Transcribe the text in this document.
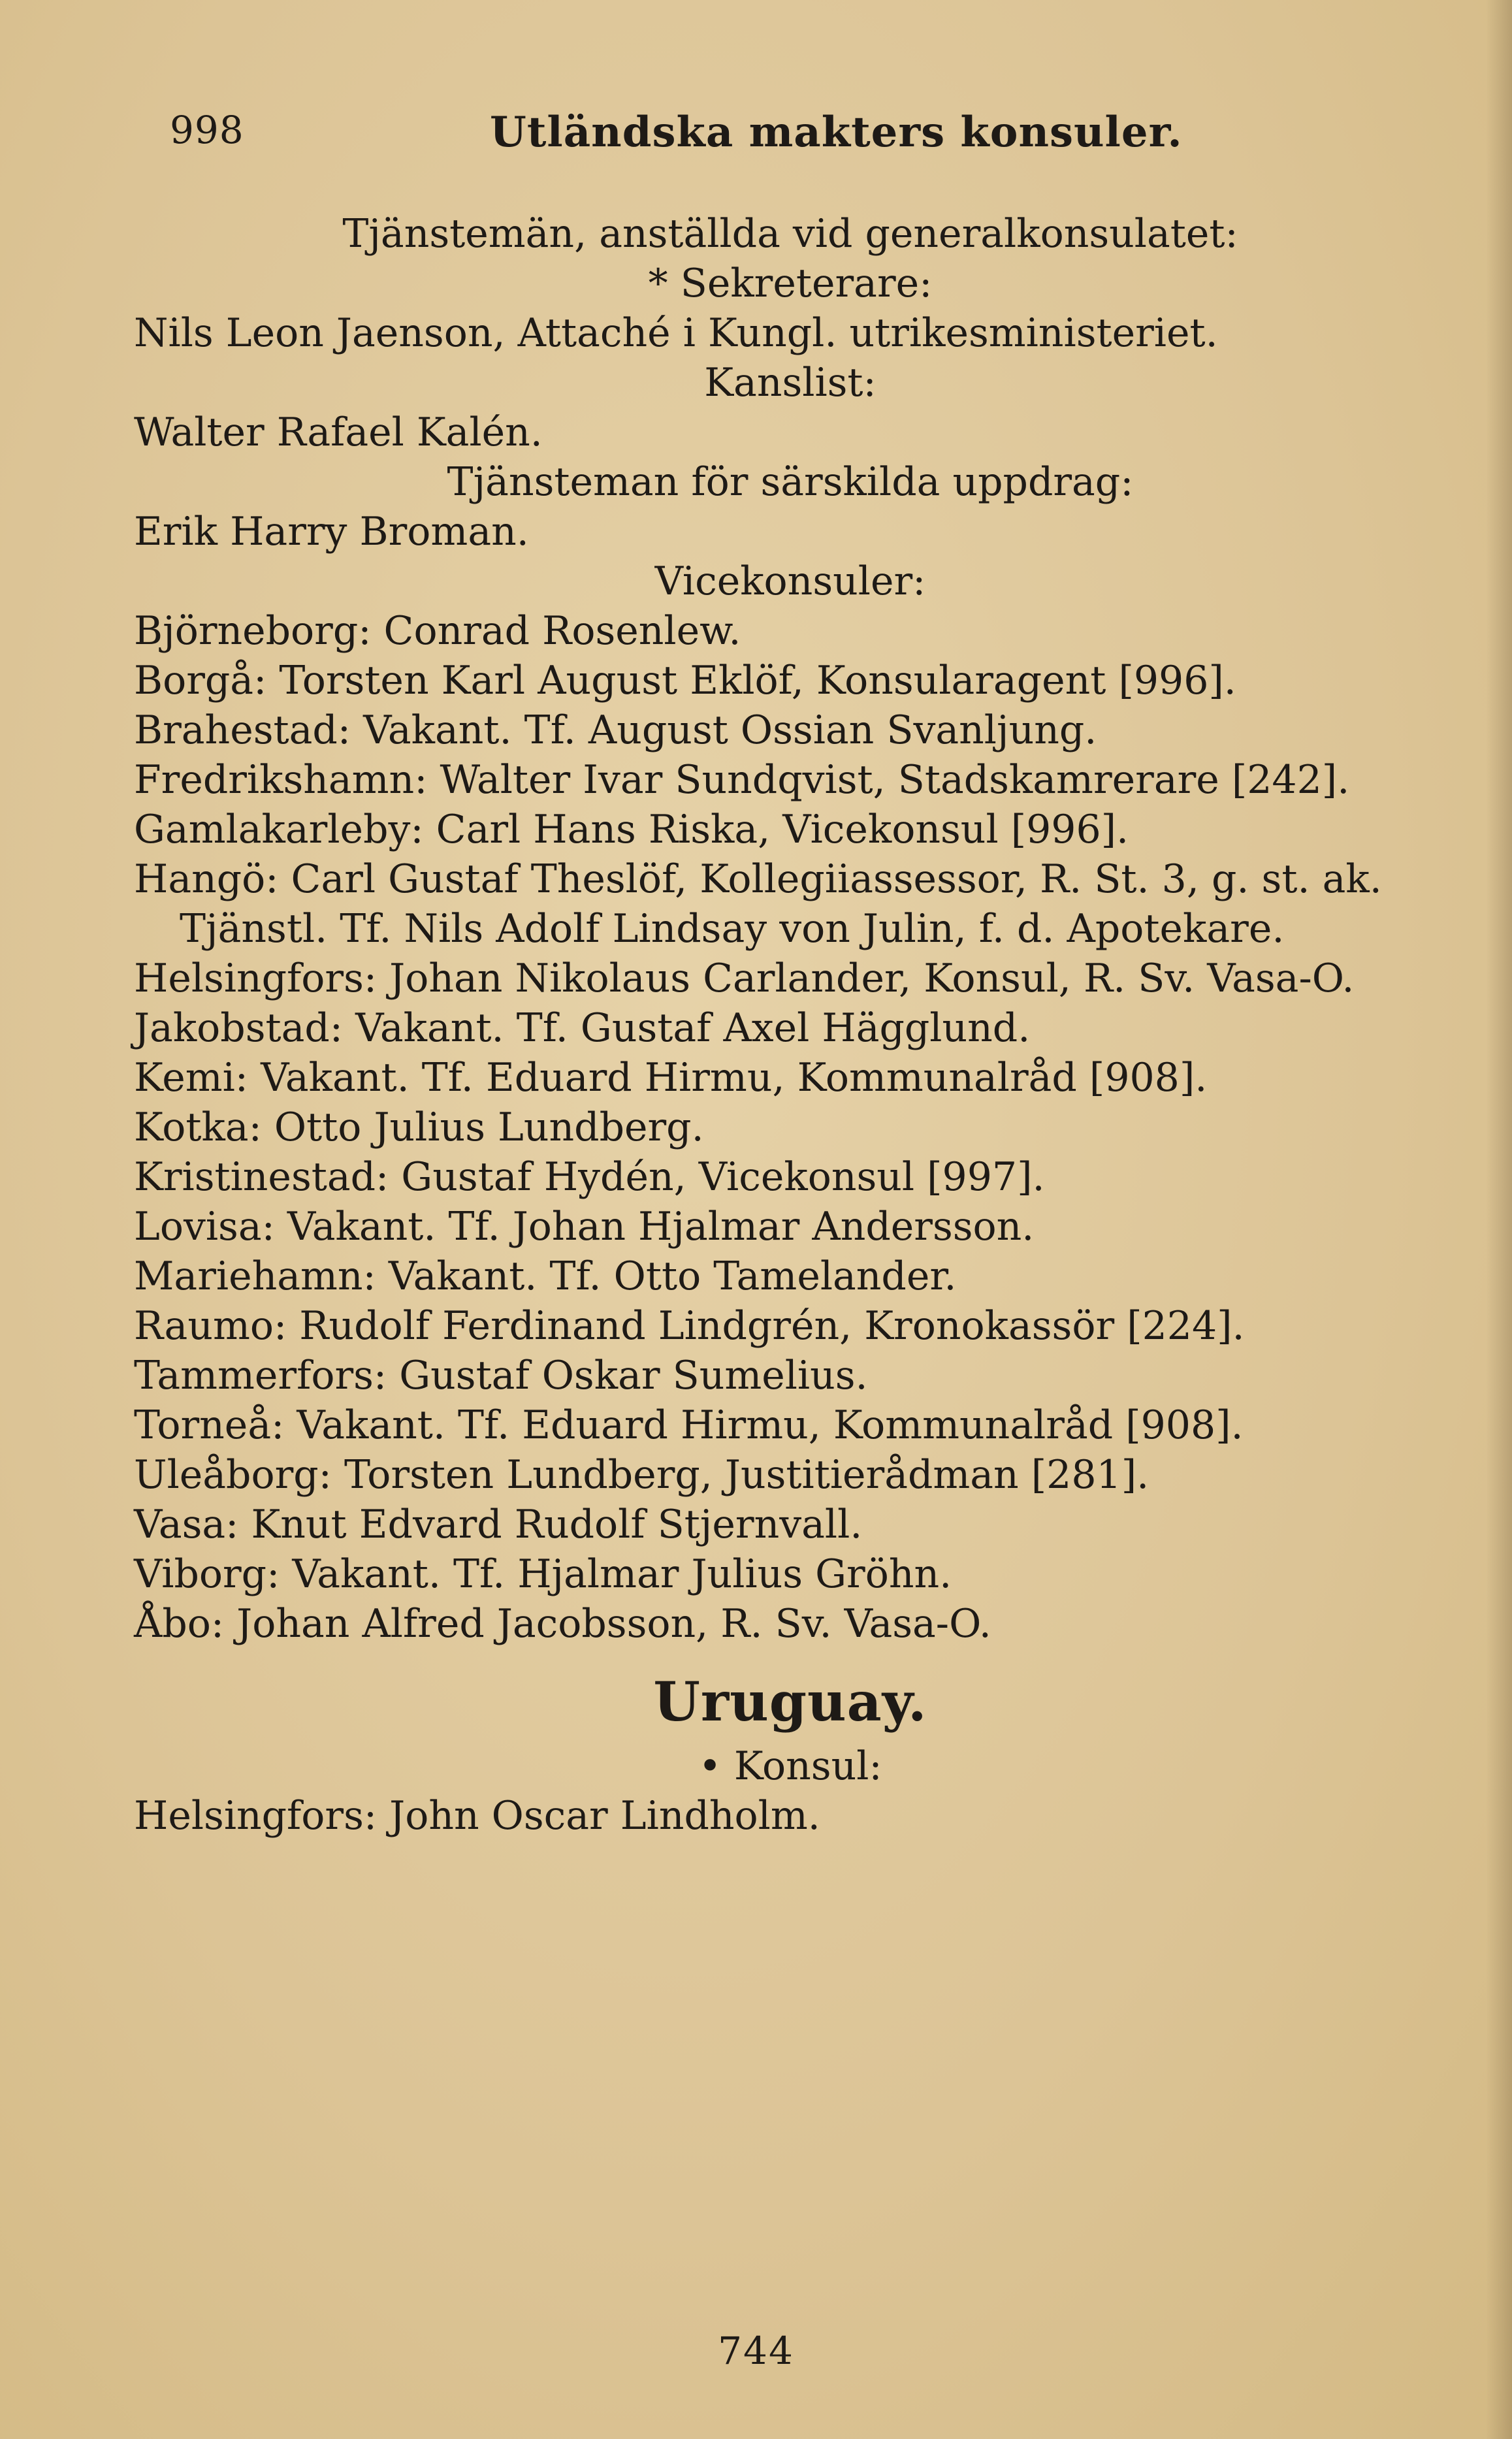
998	Utländska makters konsuler.
Tjänstemän, anställda vid generalkonsulatet:
* Sekreterare:
Nils Leon Jaenson, Attaché i Kungl. utrikesministeriet.
Kanslist:
Walter Rafael Kalén.
Tjänsteman för särskilda uppdrag:
Erik Harry Broman.
Vicekonsuler:

Björneborg: Conrad Rosenlew.

Borgå: Torsten Karl August Eklöf, Konsularagent [996].

Brahestad: Vakant. Tf. August Ossian Svanljung.

Fredrikshamn: Walter Ivar Sundqvist, Stadskamrerare [242].

Gamlakarleby: Carl Hans Riska, Vicekonsul [996].

Hangö: Carl Gustaf Theslöf, Kollegiiassessor, R. St. 3, g. st. ak. Tjänstl. Tf. Nils Adolf Lindsay von Julin, f. d. Apotekare.

Helsingfors: Johan Nikolaus Carlander, Konsul, R. Sv. Vasa-O.

Jakobstad: Vakant. Tf. Gustaf Axel Hägglund.

Kemi: Vakant. Tf. Eduard Hirmu, Kommunalråd [908].

Kotka: Otto Julius Lundberg.

Kristinestad: Gustaf Hydén, Vicekonsul [997].

Lovisa: Vakant. Tf. Johan Hjalmar Andersson.

Mariehamn: Vakant. Tf. Otto Tamelander.

Raumo: Rudolf Ferdinand Lindgrén, Kronokassör [224].

Tammerfors: Gustaf Oskar Sumelius.

Torneå: Vakant. Tf. Eduard Hirmu, Kommunalråd [908].

Uleåborg: Torsten Lundberg, Justitierådman [281].

Vasa: Knut Edvard Rudolf Stjernvall.

Viborg: Vakant. Tf. Hjalmar Julius Gröhn.

Åbo: Johan Alfred Jacobsson, R. Sv. Vasa-O.

Uruguay.
• Konsul:
Helsingfors: John Oscar Lindholm.
744
